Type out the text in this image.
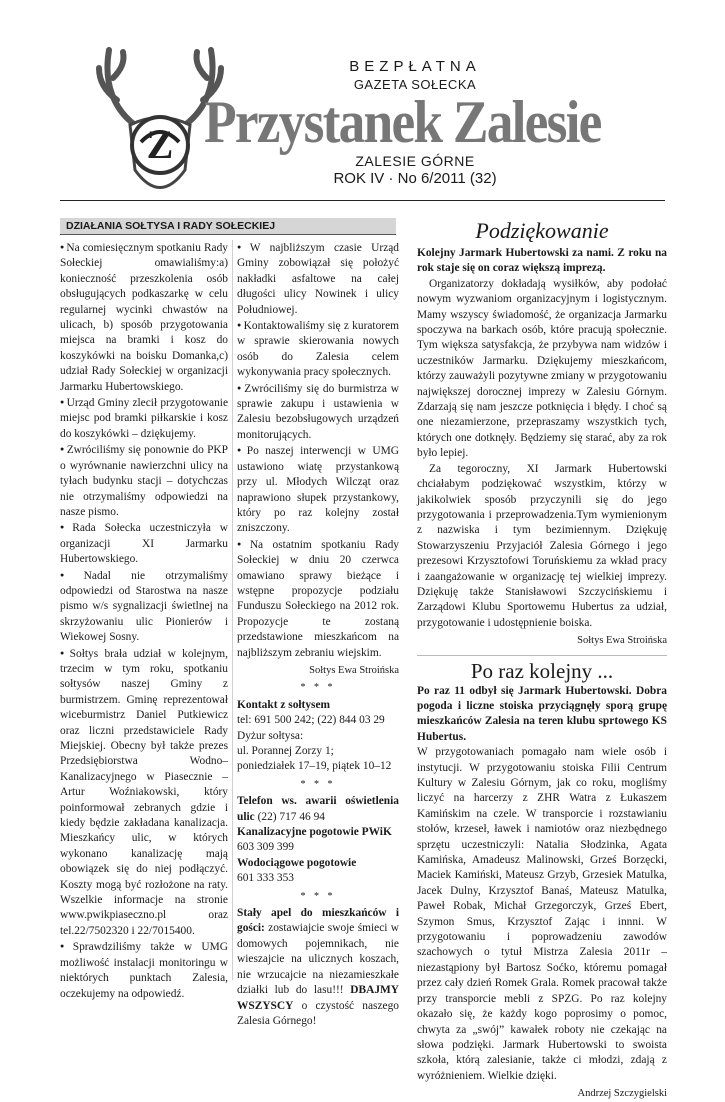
Z
BEZPŁATNA
GAZETA SOŁECKA
Przystanek Zalesie
ZALESIE GÓRNE
ROK IV · No 6/2011 (32)
DZIAŁANIA SOŁTYSA I RADY SOŁECKIEJ

● Na comiesięcznym spotkaniu Rady Sołeckiej omawialiśmy:a) konieczność przeszkolenia osób obsługujących podkaszarkę w celu regularnej wycinki chwastów na ulicach, b) sposób przygotowania miejsca na bramki i kosz do koszykówki na boisku Domanka,c) udział Rady Sołeckiej w organizacji Jarmarku Hubertowskiego.

● Urząd Gminy zlecił przygotowanie miejsc pod bramki piłkarskie i kosz do koszykówki – dziękujemy.

● Zwróciliśmy się ponownie do PKP o wyrównanie nawierzchni ulicy na tyłach budynku stacji – dotychczas nie otrzymaliśmy odpowiedzi na nasze pismo.

● Rada Sołecka uczestniczyła w organizacji XI Jarmarku Hubertowskiego.

● Nadal nie otrzymaliśmy odpowiedzi od Starostwa na nasze pismo w/s sygnalizacji świetlnej na skrzyżowaniu ulic Pionierów i Wiekowej Sosny.

● Sołtys brała udział w kolejnym, trzecim w tym roku, spotkaniu sołtysów naszej Gminy z burmistrzem. Gminę reprezentował wiceburmistrz Daniel Putkiewicz oraz liczni przedstawiciele Rady Miejskiej. Obecny był także prezes Przedsiębiorstwa Wodno–Kanalizacyjnego w Piasecznie – Artur Woźniakowski, który poinformował zebranych gdzie i kiedy będzie zakładana kanalizacja. Mieszkańcy ulic, w których wykonano kanalizację mają obowiązek się do niej podłączyć. Koszty mogą być rozłożone na raty. Wszelkie informacje na stronie www.pwikpiaseczno.pl oraz tel.22/7502320 i 22/7015400.

● Sprawdziliśmy także w UMG możliwość instalacji monitoringu w niektórych punktach Zalesia, oczekujemy na odpowiedź.

● W najbliższym czasie Urząd Gminy zobowiązał się położyć nakładki asfaltowe na całej długości ulicy Nowinek i ulicy Południowej.

● Kontaktowaliśmy się z kuratorem w sprawie skierowania nowych osób do Zalesia celem wykonywania pracy społecznych.

● Zwróciliśmy się do burmistrza w sprawie zakupu i ustawienia w Zalesiu bezobsługowych urządzeń monitorujących.

● Po naszej interwencji w UMG ustawiono wiatę przystankową przy ul. Młodych Wilcząt oraz naprawiono słupek przystankowy, który po raz kolejny został zniszczony.

● Na ostatnim spotkaniu Rady Sołeckiej w dniu 20 czerwca omawiano sprawy bieżące i wstępne propozycje podziału Funduszu Sołeckiego na 2012 rok. Propozycje te zostaną przedstawione mieszkańcom na najbliższym zebraniu wiejskim.

Sołtys Ewa Stroińska

* * *

Kontakt z sołtysem

tel: 691 500 242; (22) 844 03 29

Dyżur sołtysa:

ul. Porannej Zorzy 1;

poniedziałek 17–19, piątek 10–12

* * *

Telefon ws. awarii oświetlenia ulic (22) 717 46 94

Kanalizacyjne pogotowie PWiK

603 309 399

Wodociągowe pogotowie

601 333 353

* * *

Stały apel do mieszkańców i gości: zostawiajcie swoje śmieci w domowych pojemnikach, nie wieszajcie na ulicznych koszach, nie wrzucajcie na niezamieszkałe działki lub do lasu!!! DBAJMY WSZYSCY o czystość naszego Zalesia Górnego!

Podziękowanie

Kolejny Jarmark Hubertowski za nami. Z roku na rok staje się on coraz większą imprezą.

Organizatorzy dokładają wysiłków, aby podołać nowym wyzwaniom organizacyjnym i logistycznym. Mamy wszyscy świadomość, że organizacja Jarmarku spoczywa na barkach osób, które pracują społecznie. Tym większa satysfakcja, że przybywa nam widzów i uczestników Jarmarku. Dziękujemy mieszkańcom, którzy zauważyli pozytywne zmiany w przygotowaniu największej dorocznej imprezy w Zalesiu Górnym. Zdarzają się nam jeszcze potknięcia i błędy. I choć są one niezamierzone, przepraszamy wszystkich tych, których one dotknęły. Będziemy się starać, aby za rok było lepiej.

Za tegoroczny, XI Jarmark Hubertowski chciałabym podziękować wszystkim, którzy w jakikolwiek sposób przyczynili się do jego przygotowania i przeprowadzenia.Tym wymienionym z nazwiska i tym bezimiennym. Dziękuję Stowarzyszeniu Przyjaciół Zalesia Górnego i jego prezesowi Krzysztofowi Toruńskiemu za wkład pracy i zaangażowanie w organizację tej wielkiej imprezy. Dziękuję także Stanisławowi Szczycińskiemu i Zarządowi Klubu Sportowemu Hubertus za udział, przygotowanie i udostępnienie boiska.

Sołtys Ewa Stroińska

Po raz kolejny ...

Po raz 11 odbył się Jarmark Hubertowski. Dobra pogoda i liczne stoiska przyciągnęły sporą grupę mieszkańców Zalesia na teren klubu sprtowego KS Hubertus.

W przygotowaniach pomagało nam wiele osób i instytucji. W przygotowaniu stoiska Filii Centrum Kultury w Zalesiu Górnym, jak co roku, mogliśmy liczyć na harcerzy z ZHR Watra z Łukaszem Kamińskim na czele. W transporcie i rozstawianiu stołów, krzeseł, ławek i namiotów oraz niezbędnego sprzętu uczestniczyli: Natalia Słodzinka, Agata Kamińska, Amadeusz Malinowski, Grześ Borzęcki, Maciek Kamiński, Mateusz Grzyb, Grzesiek Matulka, Jacek Dulny, Krzysztof Banaś, Mateusz Matulka, Paweł Robak, Michał Grzegorczyk, Grześ Ebert, Szymon Smus, Krzysztof Zając i innni. W przygotowaniu i poprowadzeniu zawodów szachowych o tytuł Mistrza Zalesia 2011r –niezastąpiony był Bartosz Soćko, któremu pomagał przez cały dzień Romek Grala. Romek pracował także przy transporcie mebli z SPZG. Po raz kolejny okazało się, że każdy kogo poprosimy o pomoc, chwyta za „swój” kawałek roboty nie czekając na słowa podzięki. Jarmark Hubertowski to swoista szkoła, którą zalesianie, także ci młodzi, zdają z wyróżnieniem. Wielkie dzięki.

Andrzej Szczygielski
